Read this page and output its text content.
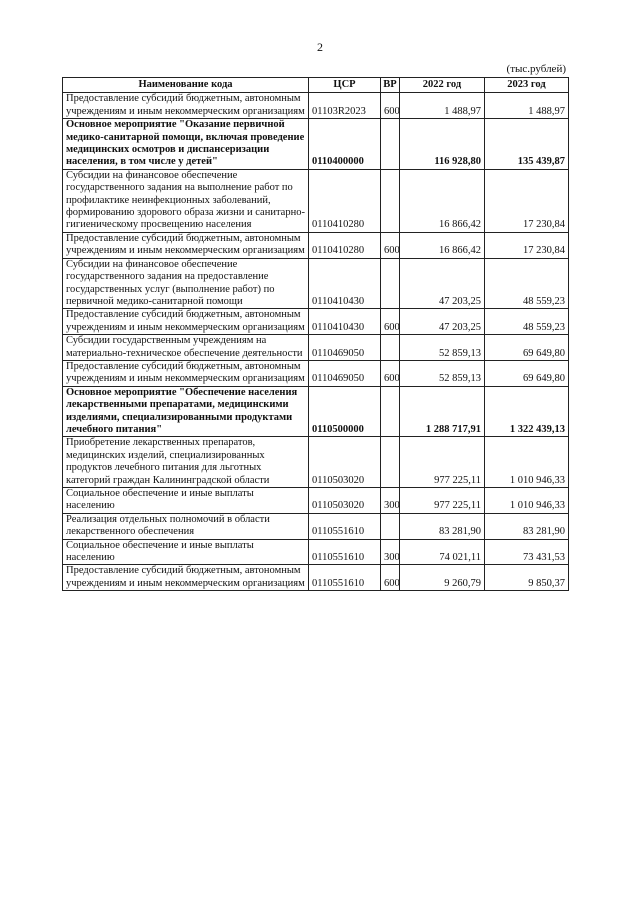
2
(тыс.рублей)
Наименование кода	ЦСР	ВР	2022 год	2023 год
Предоставление субсидий бюджетным, автономным учреждениям и иным некоммерческим организациям	01103R2023	600	1 488,97	1 488,97
Основное мероприятие "Оказание первичной медико-санитарной помощи, включая проведение медицинских осмотров и диспансеризации населения, в том числе у детей"	0110400000		116 928,80	135 439,87
Субсидии на финансовое обеспечение государственного задания на выполнение работ по профилактике неинфекционных заболеваний, формированию здорового образа жизни и санитарно-гигиеническому просвещению населения	0110410280		16 866,42	17 230,84
Предоставление субсидий бюджетным, автономным учреждениям и иным некоммерческим организациям	0110410280	600	16 866,42	17 230,84
Субсидии на финансовое обеспечение государственного задания на предоставление государственных услуг (выполнение работ) по первичной медико-санитарной помощи	0110410430		47 203,25	48 559,23
Предоставление субсидий бюджетным, автономным учреждениям и иным некоммерческим организациям	0110410430	600	47 203,25	48 559,23
Субсидии государственным учреждениям на материально-техническое обеспечение деятельности	0110469050		52 859,13	69 649,80
Предоставление субсидий бюджетным, автономным учреждениям и иным некоммерческим организациям	0110469050	600	52 859,13	69 649,80
Основное мероприятие "Обеспечение населения лекарственными препаратами, медицинскими изделиями, специализированными продуктами лечебного питания"	0110500000		1 288 717,91	1 322 439,13
Приобретение лекарственных препаратов, медицинских изделий, специализированных продуктов лечебного питания для льготных категорий граждан Калининградской области	0110503020		977 225,11	1 010 946,33
Социальное обеспечение и иные выплаты населению	0110503020	300	977 225,11	1 010 946,33
Реализация отдельных полномочий в области лекарственного обеспечения	0110551610		83 281,90	83 281,90
Социальное обеспечение и иные выплаты населению	0110551610	300	74 021,11	73 431,53
Предоставление субсидий бюджетным, автономным учреждениям и иным некоммерческим организациям	0110551610	600	9 260,79	9 850,37
